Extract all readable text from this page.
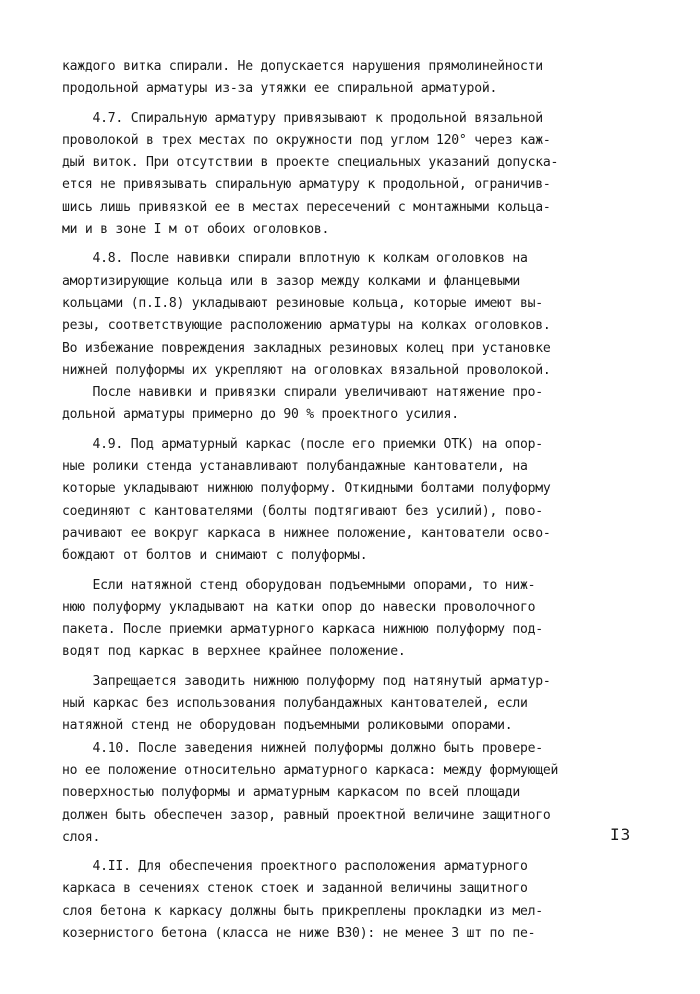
каждого витка спирали. Не допускается нарушения прямолинейности
продольной арматуры из-за утяжки ее спиральной арматурой.
4.7. Спиральную арматуру привязывают к продольной вязальной
проволокой в трех местах по окружности под углом 120° через каж-
дый виток. При отсутствии в проекте специальных указаний допуска-
ется не привязывать спиральную арматуру к продольной, ограничив-
шись лишь привязкой ее в местах пересечений с монтажными кольца-
ми и в зоне I м от обоих оголовков.
4.8. После навивки спирали вплотную к колкам оголовков на
амортизирующие кольца или в зазор между колками и фланцевыми
кольцами (п.I.8) укладывают резиновые кольца, которые имеют вы-
резы, соответствующие расположению арматуры на колках оголовков.
Во избежание повреждения закладных резиновых колец при установке
нижней полуформы их укрепляют на оголовках вязальной проволокой.
После навивки и привязки спирали увеличивают натяжение про-
дольной арматуры примерно до 90 % проектного усилия.
4.9. Под арматурный каркас (после его приемки ОТК) на опор-
ные ролики стенда устанавливают полубандажные кантователи, на
которые укладывают нижнюю полуформу. Откидными болтами полуформу
соединяют с кантователями (болты подтягивают без усилий), пово-
рачивают ее вокруг каркаса в нижнее положение, кантователи осво-
бождают от болтов и снимают с полуформы.
Если натяжной стенд оборудован подъемными опорами, то ниж-
нюю полуформу укладывают на катки опор до навески проволочного
пакета. После приемки арматурного каркаса нижнюю полуформу под-
водят под каркас в верхнее крайнее положение.
Запрещается заводить нижнюю полуформу под натянутый арматур-
ный каркас без использования полубандажных кантователей, если
натяжной стенд не оборудован подъемными роликовыми опорами.
4.10. После заведения нижней полуформы должно быть провере-
но ее положение относительно арматурного каркаса: между формующей
поверхностью полуформы и арматурным каркасом по всей площади
должен быть обеспечен зазор, равный проектной величине защитного
слоя.
4.II. Для обеспечения проектного расположения арматурного
каркаса в сечениях стенок стоек и заданной величины защитного
слоя бетона к каркасу должны быть прикреплены прокладки из мел-
козернистого бетона (класса не ниже В30): не менее 3 шт по пе-
I3
